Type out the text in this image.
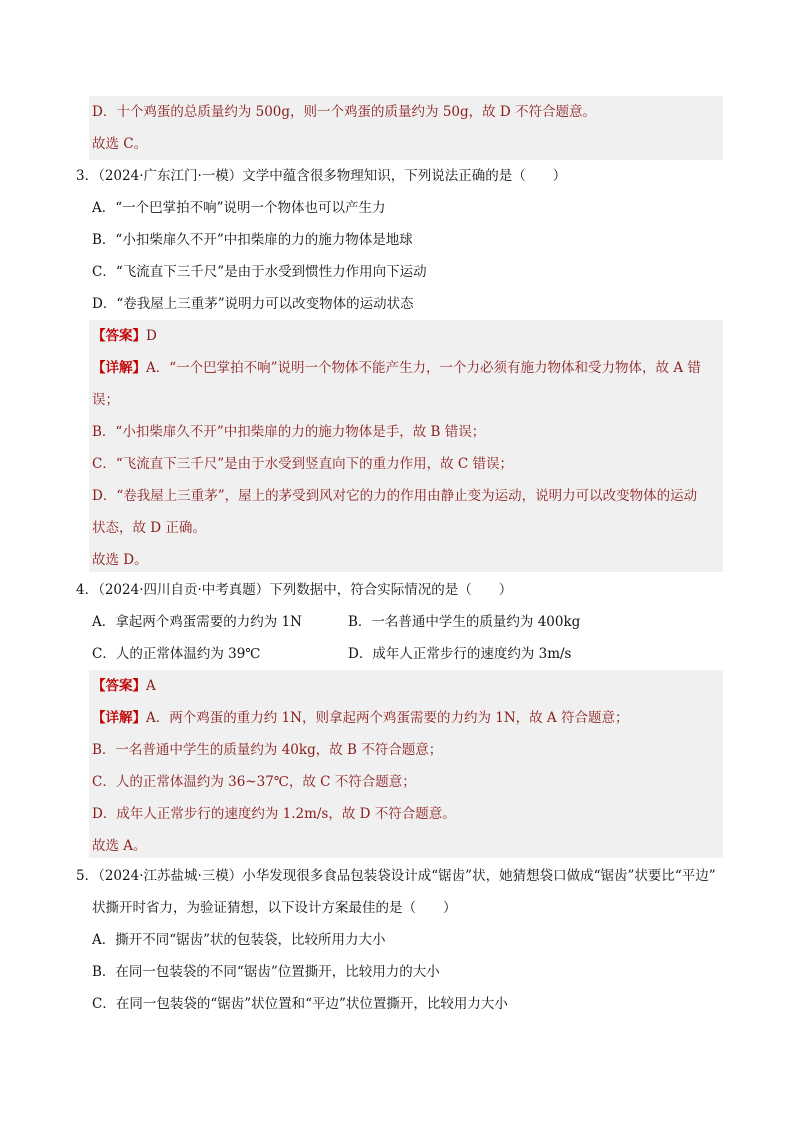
D．十个鸡蛋的总质量约为 500g，则一个鸡蛋的质量约为 50g，故 D 不符合题意。
故选 C。
3．（2024·广东江门·一模）文学中蕴含很多物理知识，下列说法正确的是（　　）
A．“一个巴掌拍不响”说明一个物体也可以产生力
B．“小扣柴扉久不开”中扣柴扉的力的施力物体是地球
C．“飞流直下三千尺”是由于水受到惯性力作用向下运动
D．“卷我屋上三重茅”说明力可以改变物体的运动状态
【答案】D
【详解】A．“一个巴掌拍不响”说明一个物体不能产生力，一个力必须有施力物体和受力物体，故 A 错
误；
B．“小扣柴扉久不开”中扣柴扉的力的施力物体是手，故 B 错误；
C．“飞流直下三千尺”是由于水受到竖直向下的重力作用，故 C 错误；
D．“卷我屋上三重茅”，屋上的茅受到风对它的力的作用由静止变为运动，说明力可以改变物体的运动
状态，故 D 正确。
故选 D。
4．（2024·四川自贡·中考真题）下列数据中，符合实际情况的是（　　）
A．拿起两个鸡蛋需要的力约为 1N	B．一名普通中学生的质量约为 400kg
C．人的正常体温约为 39℃	D．成年人正常步行的速度约为 3m/s
【答案】A
【详解】A．两个鸡蛋的重力约 1N，则拿起两个鸡蛋需要的力约为 1N，故 A 符合题意；
B．一名普通中学生的质量约为 40kg，故 B 不符合题意；
C．人的正常体温约为 36~37℃，故 C 不符合题意；
D．成年人正常步行的速度约为 1.2m/s，故 D 不符合题意。
故选 A。
5．（2024·江苏盐城·三模）小华发现很多食品包装袋设计成“锯齿”状，她猜想袋口做成“锯齿”状要比“平边”
状撕开时省力，为验证猜想，以下设计方案最佳的是（　　）
A．撕开不同“锯齿”状的包装袋，比较所用力大小
B．在同一包装袋的不同“锯齿”位置撕开，比较用力的大小
C．在同一包装袋的“锯齿”状位置和“平边”状位置撕开，比较用力大小
